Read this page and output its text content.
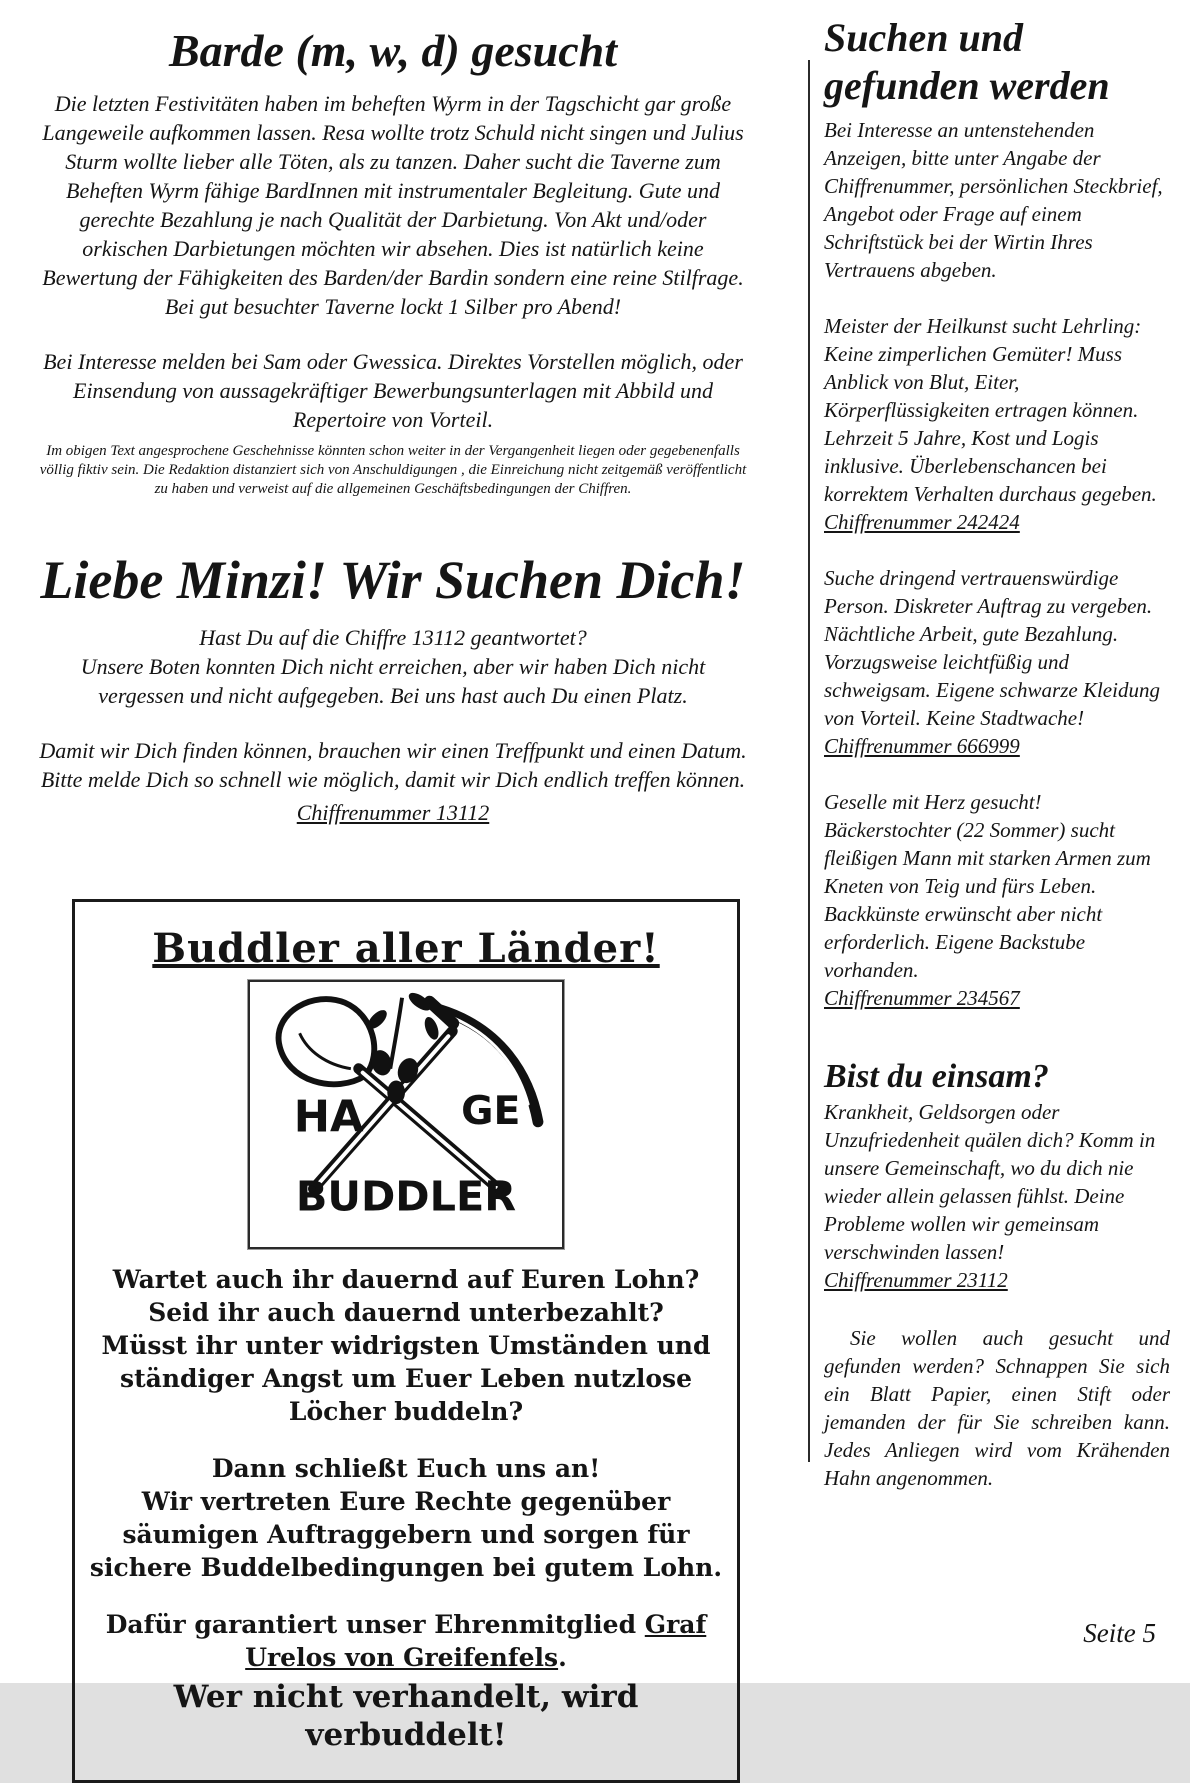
Barde (m, w, d) gesucht

Die letzten Festivitäten haben im beheften Wyrm in der Tagschicht gar große Langeweile aufkommen lassen. Resa wollte trotz Schuld nicht singen und Julius Sturm wollte lieber alle Töten, als zu tanzen. Daher sucht die Taverne zum Beheften Wyrm fähige BardInnen mit instrumentaler Begleitung. Gute und gerechte Bezahlung je nach Qualität der Darbietung. Von Akt und/oder orkischen Darbietungen möchten wir absehen. Dies ist natürlich keine Bewertung der Fähigkeiten des Barden/der Bardin sondern eine reine Stilfrage.

Bei gut besuchter Taverne lockt 1 Silber pro Abend!

Bei Interesse melden bei Sam oder Gwessica. Direktes Vorstellen möglich, oder Einsendung von aussagekräftiger Bewerbungsunterlagen mit Abbild und Repertoire von Vorteil.

Im obigen Text angesprochene Geschehnisse könnten schon weiter in der Vergangenheit liegen oder gegebenenfalls völlig fiktiv sein. Die Redaktion distanziert sich von Anschuldigungen , die Einreichung nicht zeitgemäß veröffentlicht zu haben und verweist auf die allgemeinen Geschäftsbedingungen der Chiffren.

Liebe Minzi! Wir Suchen Dich!

Hast Du auf die Chiffre 13112 geantwortet?

Unsere Boten konnten Dich nicht erreichen, aber wir haben Dich nicht vergessen und nicht aufgegeben. Bei uns hast auch Du einen Platz.

Damit wir Dich finden können, brauchen wir einen Treffpunkt und einen Datum. Bitte melde Dich so schnell wie möglich, damit wir Dich endlich treffen können.

Chiffrenummer 13112
Buddler aller Länder!
HA GE
BUDDLER
Wartet auch ihr dauernd auf Euren Lohn?
Seid ihr auch dauernd unterbezahlt?
Müsst ihr unter widrigsten Umständen und ständiger Angst um Euer Leben nutzlose Löcher buddeln?
Dann schließt Euch uns an!
Wir vertreten Eure Rechte gegenüber säumigen Auftraggebern und sorgen für sichere Buddelbedingungen bei gutem Lohn.
Dafür garantiert unser Ehrenmitglied Graf Urelos von Greifenfels.
Wer nicht verhandelt, wird verbuddelt!
Suchen und gefunden werden

Bei Interesse an untenstehenden Anzeigen, bitte unter Angabe der Chiffrenummer, persönlichen Steckbrief, Angebot oder Frage auf einem Schriftstück bei der Wirtin Ihres Vertrauens abgeben.

Meister der Heilkunst sucht Lehrling: Keine zimperlichen Gemüter! Muss Anblick von Blut, Eiter, Körperflüssigkeiten ertragen können. Lehrzeit 5 Jahre, Kost und Logis inklusive. Überlebenschancen bei korrektem Verhalten durchaus gegeben.
Chiffrenummer 242424
Suche dringend vertrauenswürdige Person. Diskreter Auftrag zu vergeben. Nächtliche Arbeit, gute Bezahlung. Vorzugsweise leichtfüßig und schweigsam. Eigene schwarze Kleidung von Vorteil. Keine Stadtwache!
Chiffrenummer 666999
Geselle mit Herz gesucht! Bäckerstochter (22 Sommer) sucht fleißigen Mann mit starken Armen zum Kneten von Teig und fürs Leben. Backkünste erwünscht aber nicht erforderlich. Eigene Backstube vorhanden.
Chiffrenummer 234567
Bist du einsam?
Krankheit, Geldsorgen oder Unzufriedenheit quälen dich? Komm in unsere Gemeinschaft, wo du dich nie wieder allein gelassen fühlst. Deine Probleme wollen wir gemeinsam verschwinden lassen!
Chiffrenummer 23112

Sie wollen auch gesucht und gefunden werden? Schnappen Sie sich ein Blatt Papier, einen Stift oder jemanden der für Sie schreiben kann. Jedes Anliegen wird vom Krähenden Hahn angenommen.

Seite 5
